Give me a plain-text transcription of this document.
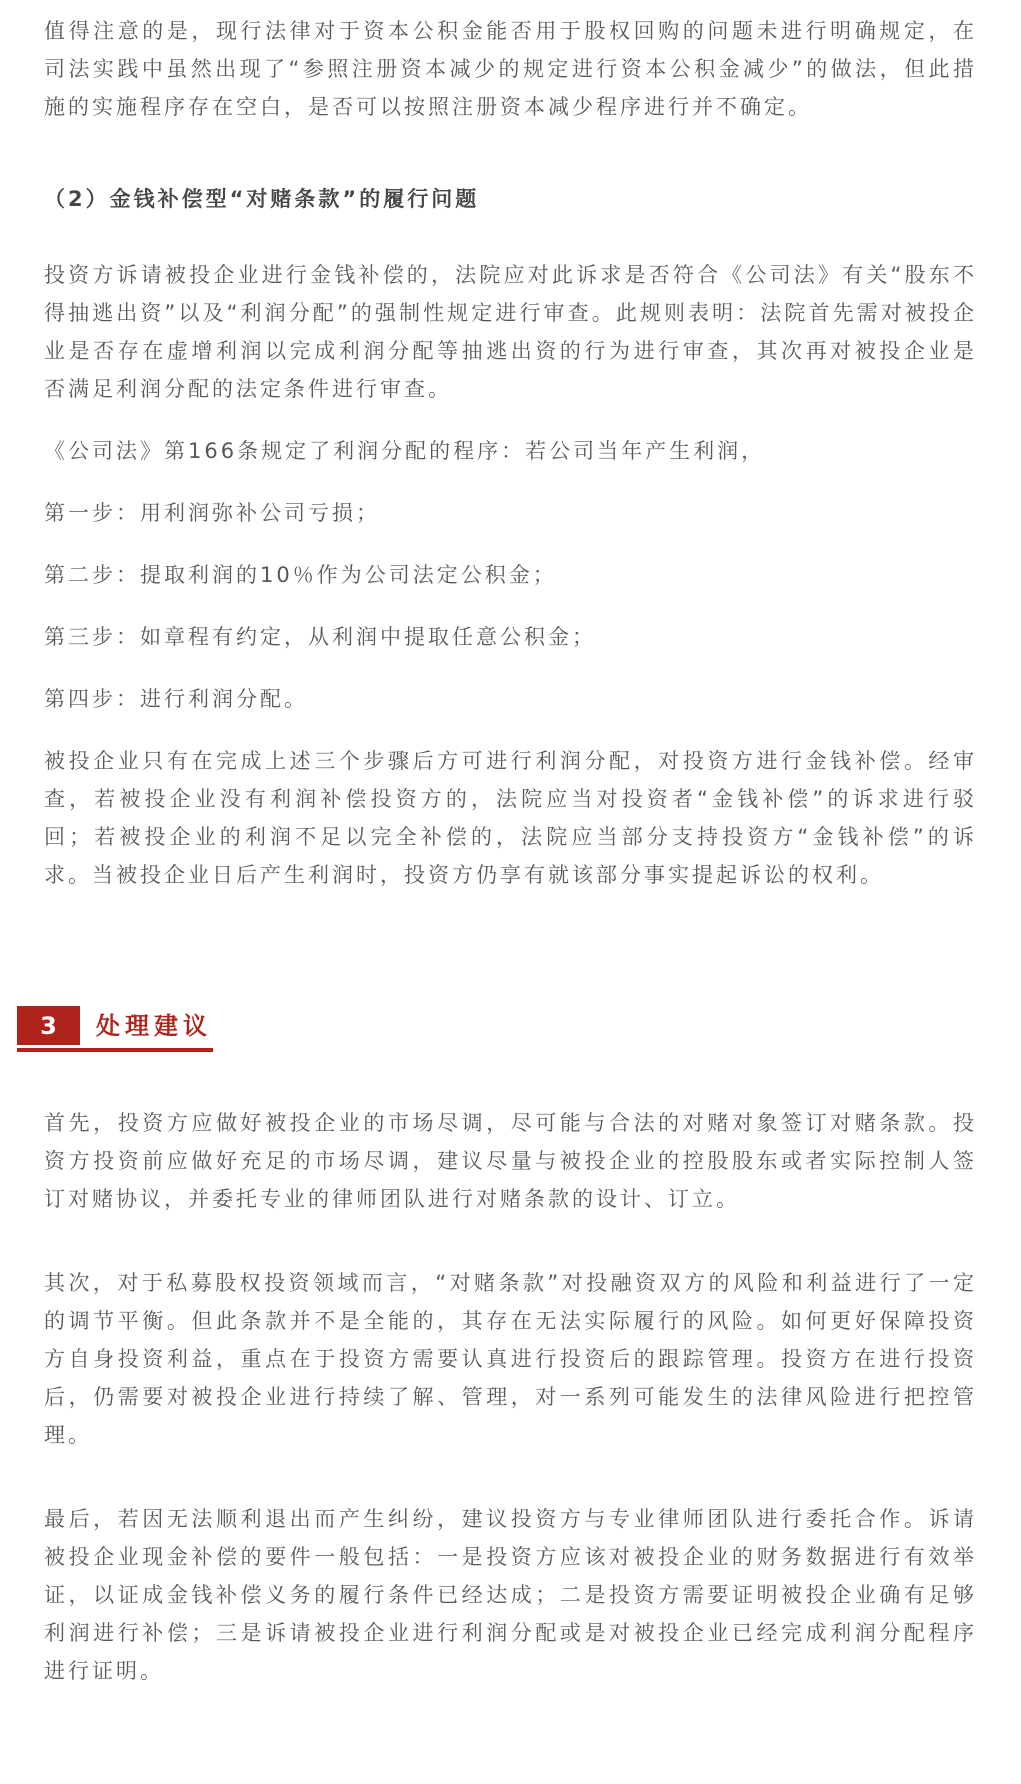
值得注意的是，现行法律对于资本公积金能否用于股权回购的问题未进行明确规定，在司法实践中虽然出现了“参照注册资本减少的规定进行资本公积金减少”的做法，但此措施的实施程序存在空白，是否可以按照注册资本减少程序进行并不确定。

（2）金钱补偿型“对赌条款”的履行问题

投资方诉请被投企业进行金钱补偿的，法院应对此诉求是否符合《公司法》有关“股东不得抽逃出资”以及“利润分配”的强制性规定进行审查。此规则表明：法院首先需对被投企业是否存在虚增利润以完成利润分配等抽逃出资的行为进行审查，其次再对被投企业是否满足利润分配的法定条件进行审查。

《公司法》第166条规定了利润分配的程序：若公司当年产生利润，

第一步：用利润弥补公司亏损；

第二步：提取利润的10％作为公司法定公积金；

第三步：如章程有约定，从利润中提取任意公积金；

第四步：进行利润分配。

被投企业只有在完成上述三个步骤后方可进行利润分配，对投资方进行金钱补偿。经审查，若被投企业没有利润补偿投资方的，法院应当对投资者“金钱补偿”的诉求进行驳回；若被投企业的利润不足以完全补偿的，法院应当部分支持投资方“金钱补偿”的诉求。当被投企业日后产生利润时，投资方仍享有就该部分事实提起诉讼的权利。

3	处理建议

首先，投资方应做好被投企业的市场尽调，尽可能与合法的对赌对象签订对赌条款。投资方投资前应做好充足的市场尽调，建议尽量与被投企业的控股股东或者实际控制人签订对赌协议，并委托专业的律师团队进行对赌条款的设计、订立。

其次，对于私募股权投资领域而言，“对赌条款”对投融资双方的风险和利益进行了一定的调节平衡。但此条款并不是全能的，其存在无法实际履行的风险。如何更好保障投资方自身投资利益，重点在于投资方需要认真进行投资后的跟踪管理。投资方在进行投资后，仍需要对被投企业进行持续了解、管理，对一系列可能发生的法律风险进行把控管理。

最后，若因无法顺利退出而产生纠纷，建议投资方与专业律师团队进行委托合作。诉请被投企业现金补偿的要件一般包括：一是投资方应该对被投企业的财务数据进行有效举证，以证成金钱补偿义务的履行条件已经达成；二是投资方需要证明被投企业确有足够利润进行补偿；三是诉请被投企业进行利润分配或是对被投企业已经完成利润分配程序进行证明。
